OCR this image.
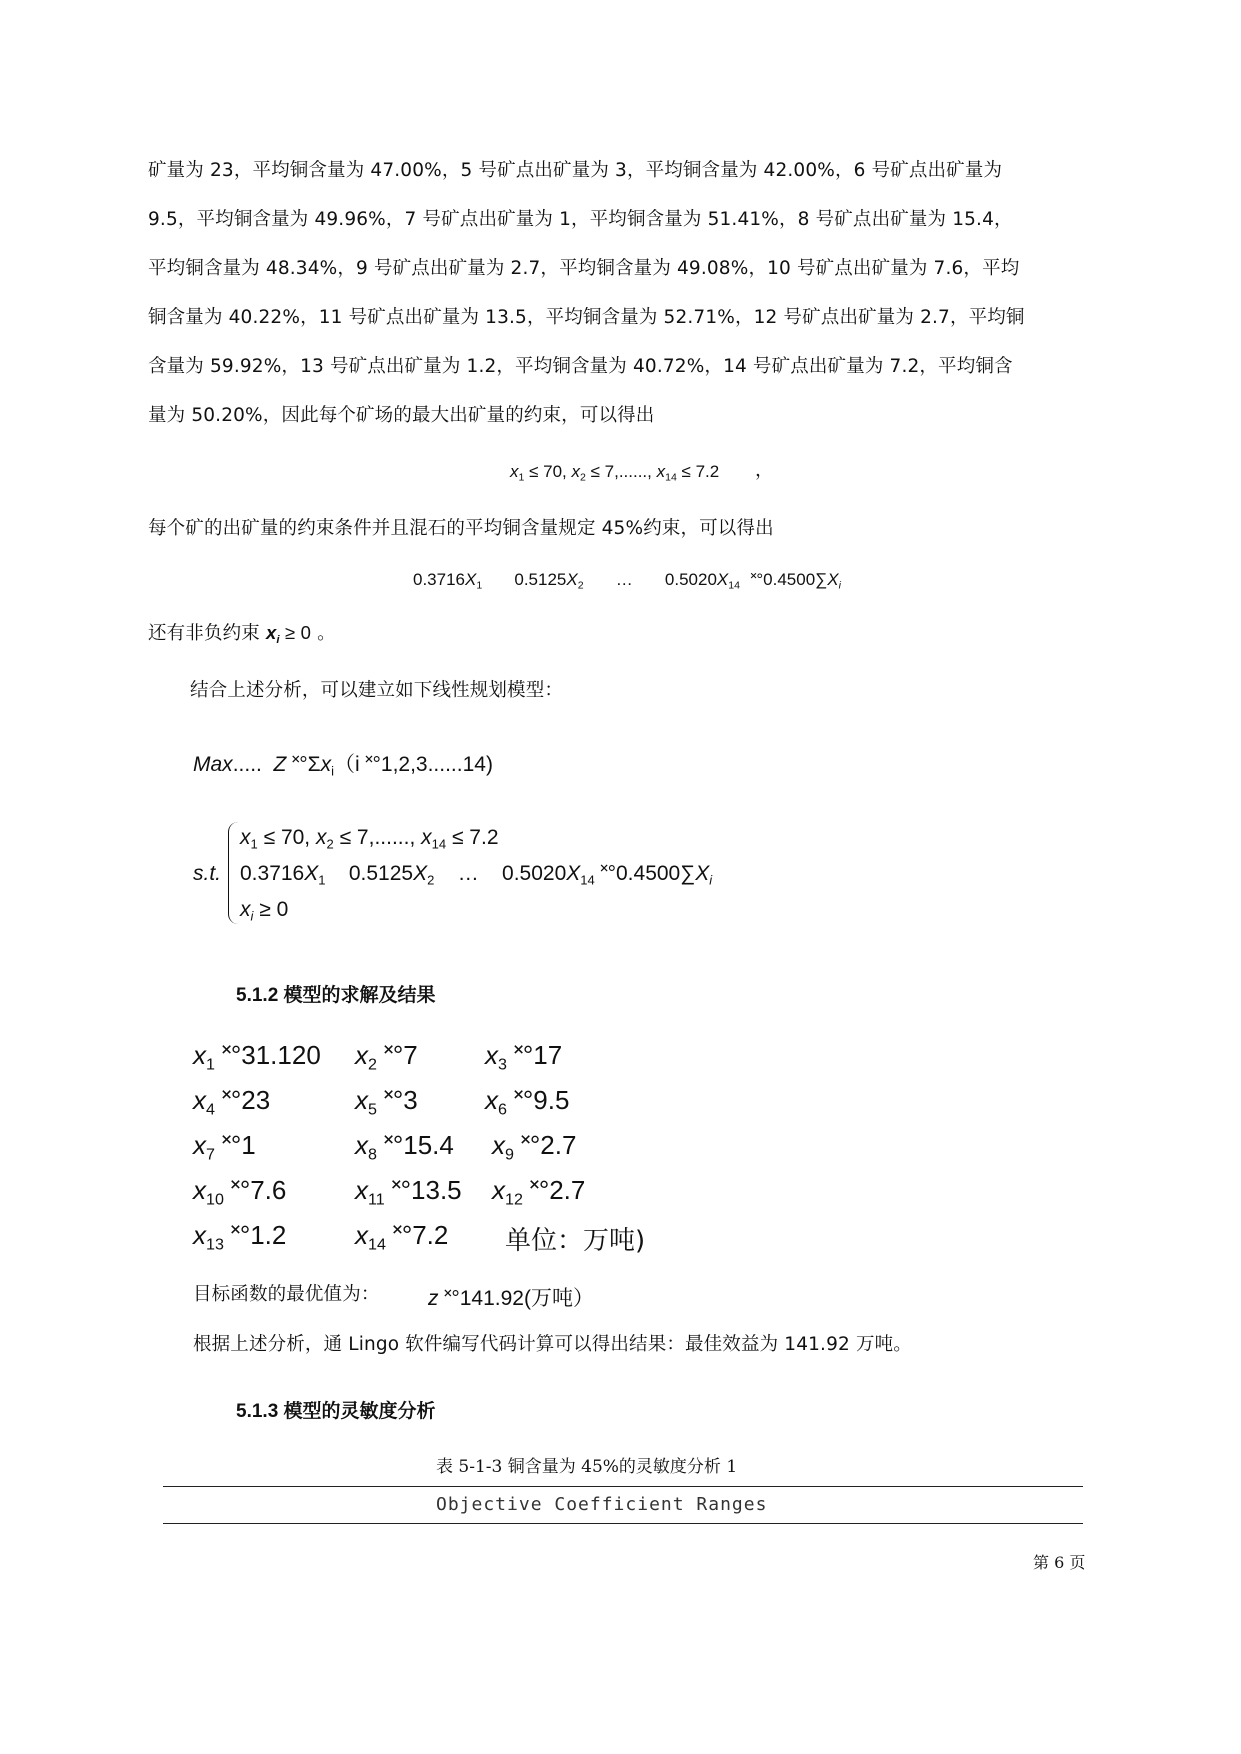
矿量为 23，平均铜含量为 47.00%，5 号矿点出矿量为 3，平均铜含量为 42.00%，6 号矿点出矿量为
9.5，平均铜含量为 49.96%，7 号矿点出矿量为 1，平均铜含量为 51.41%，8 号矿点出矿量为 15.4，
平均铜含量为 48.34%，9 号矿点出矿量为 2.7，平均铜含量为 49.08%，10 号矿点出矿量为 7.6，平均
铜含量为 40.22%，11 号矿点出矿量为 13.5，平均铜含量为 52.71%，12 号矿点出矿量为 2.7，平均铜
含量为 59.92%，13 号矿点出矿量为 1.2，平均铜含量为 40.72%，14 号矿点出矿量为 7.2，平均铜含
量为 50.20%，因此每个矿场的最大出矿量的约束，可以得出
$x_1 \le 70$, $x_2 \le 7$,......, $x_{14} \le 7.2$ ，
每个矿的出矿量的约束条件并且混石的平均铜含量规定 45%约束，可以得出
$0.3716X_1$ $0.5125X_2$ … $0.5020X_{14}$ $˟^\circ 0.4500\sum X_i$
还有非负约束 $x_i \ge 0$ 。
结合上述分析，可以建立如下线性规划模型：
Max..... Z $˟^\circ\Sigma x_i(i$ ˟°1,2,3......14)
s.t.
$x_1 \le 70$, $x_2 \le 7$,......, $x_{14} \le 7.2$
$0.3716X_1$ $0.5125X_2$ … $0.5020X_{14}$ $˟^\circ 0.4500\sum X_i$
$x_i \ge 0$
5.1.2 模型的求解及结果
$x_1$ ˟°31.120 $x_2$ ˟°7	$x_3$ ˟°17
$x_4$ ˟°23	$x_5$ ˟°3	$x_6$ ˟°9.5
$x_7$ ˟°1	$x_8$ ˟°15.4 $x_9$ ˟°2.7
$x_{10}$ ˟°7.6	$x_{11}$ ˟°13.5 $x_{12}$ ˟°2.7
$x_{13}$ ˟°1.2	$x_{14}$ ˟°7.2 单位：万吨)
目标函数的最优值为： z ˟°141.92(万吨）
根据上述分析，通 Lingo 软件编写代码计算可以得出结果：最佳效益为 141.92 万吨。
5.1.3 模型的灵敏度分析
表 5-1-3 铜含量为 45%的灵敏度分析 1
Objective Coefficient Ranges
第 6 页
